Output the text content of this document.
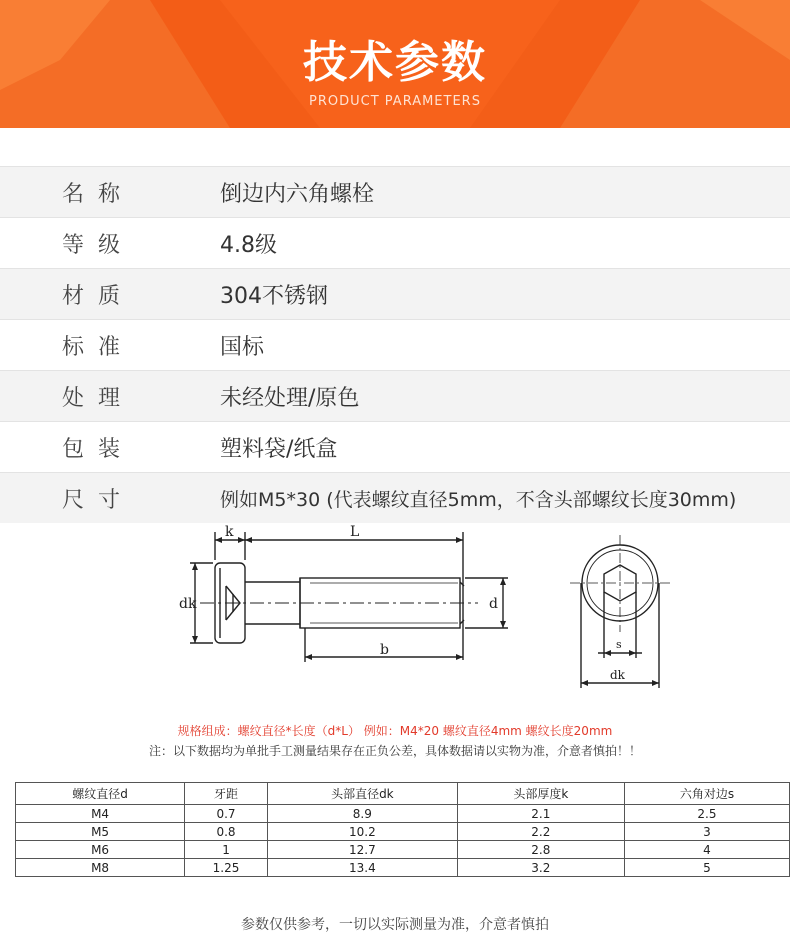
技术参数
PRODUCT PARAMETERS
名称	倒边内六角螺栓
等级	4.8级
材质	304不锈钢
标准	国标
处理	未经处理/原色
包装	塑料袋/纸盒
尺寸	例如M5*30 (代表螺纹直径5mm，不含头部螺纹长度30mm)
k	L
dk	d
b	s
dk
规格组成：螺纹直径*长度（d*L） 例如：M4*20 螺纹直径4mm 螺纹长度20mm
注：以下数据均为单批手工测量结果存在正负公差，具体数据请以实物为准，介意者慎拍！！
螺纹直径d	牙距	头部直径dk	头部厚度k	六角对边s
M4	0.7	8.9	2.1	2.5
M5	0.8	10.2	2.2	3
M6	1	12.7	2.8	4
M8	1.25	13.4	3.2	5
参数仅供参考，一切以实际测量为准，介意者慎拍
